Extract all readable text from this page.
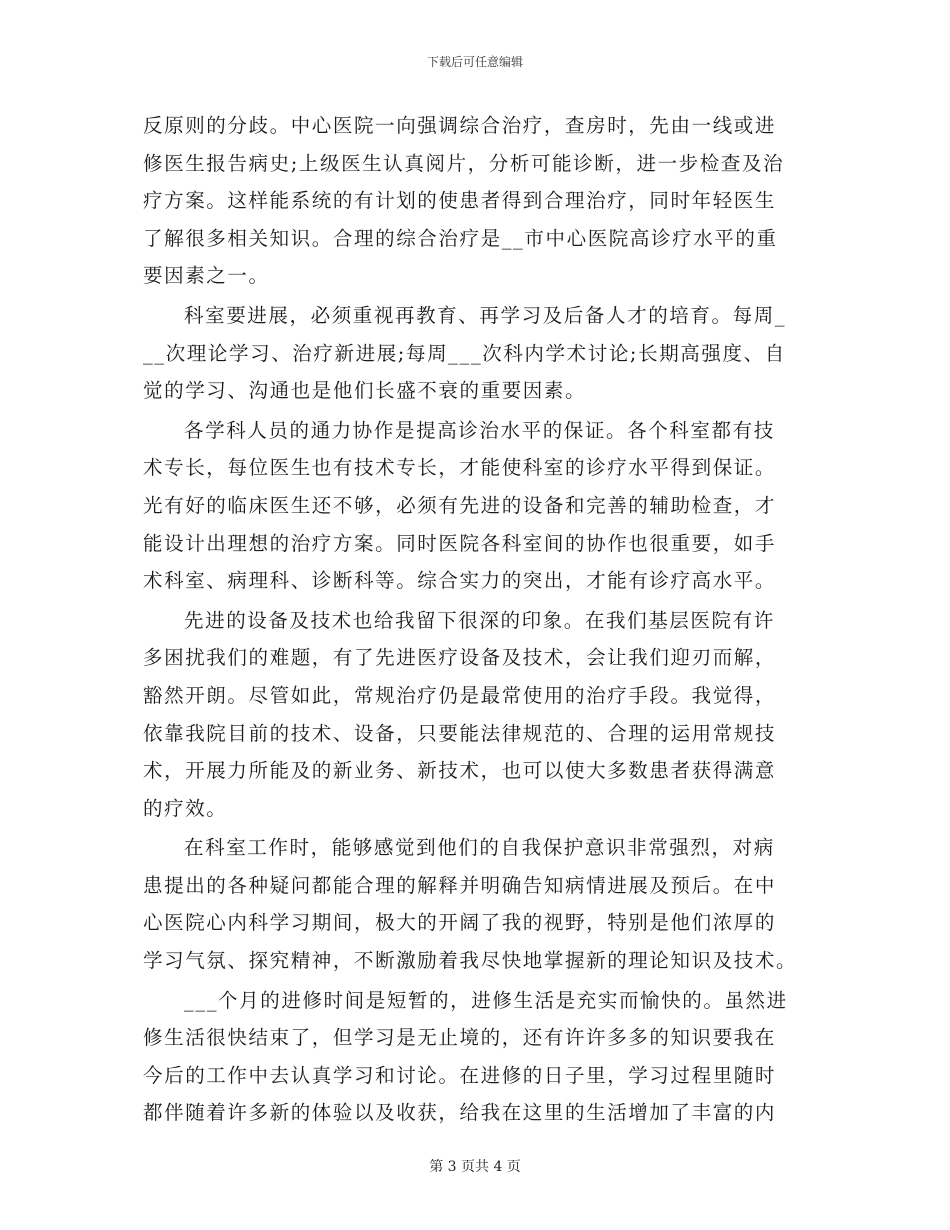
下载后可任意编辑
反原则的分歧。中心医院一向强调综合治疗，查房时，先由一线或进
修医生报告病史;上级医生认真阅片，分析可能诊断，进一步检查及治
疗方案。这样能系统的有计划的使患者得到合理治疗，同时年轻医生
了解很多相关知识。合理的综合治疗是__市中心医院高诊疗水平的重
要因素之一。
科室要进展，必须重视再教育、再学习及后备人才的培育。每周_
__次理论学习、治疗新进展;每周___次科内学术讨论;长期高强度、自
觉的学习、沟通也是他们长盛不衰的重要因素。
各学科人员的通力协作是提高诊治水平的保证。各个科室都有技
术专长，每位医生也有技术专长，才能使科室的诊疗水平得到保证。
光有好的临床医生还不够，必须有先进的设备和完善的辅助检查，才
能设计出理想的治疗方案。同时医院各科室间的协作也很重要，如手
术科室、病理科、诊断科等。综合实力的突出，才能有诊疗高水平。
先进的设备及技术也给我留下很深的印象。在我们基层医院有许
多困扰我们的难题，有了先进医疗设备及技术，会让我们迎刃而解，
豁然开朗。尽管如此，常规治疗仍是最常使用的治疗手段。我觉得，
依靠我院目前的技术、设备，只要能法律规范的、合理的运用常规技
术，开展力所能及的新业务、新技术，也可以使大多数患者获得满意
的疗效。
在科室工作时，能够感觉到他们的自我保护意识非常强烈，对病
患提出的各种疑问都能合理的解释并明确告知病情进展及预后。在中
心医院心内科学习期间，极大的开阔了我的视野，特别是他们浓厚的
学习气氛、探究精神，不断激励着我尽快地掌握新的理论知识及技术。
___个月的进修时间是短暂的，进修生活是充实而愉快的。虽然进
修生活很快结束了，但学习是无止境的，还有许许多多的知识要我在
今后的工作中去认真学习和讨论。在进修的日子里，学习过程里随时
都伴随着许多新的体验以及收获，给我在这里的生活增加了丰富的内
第 3 页共 4 页
